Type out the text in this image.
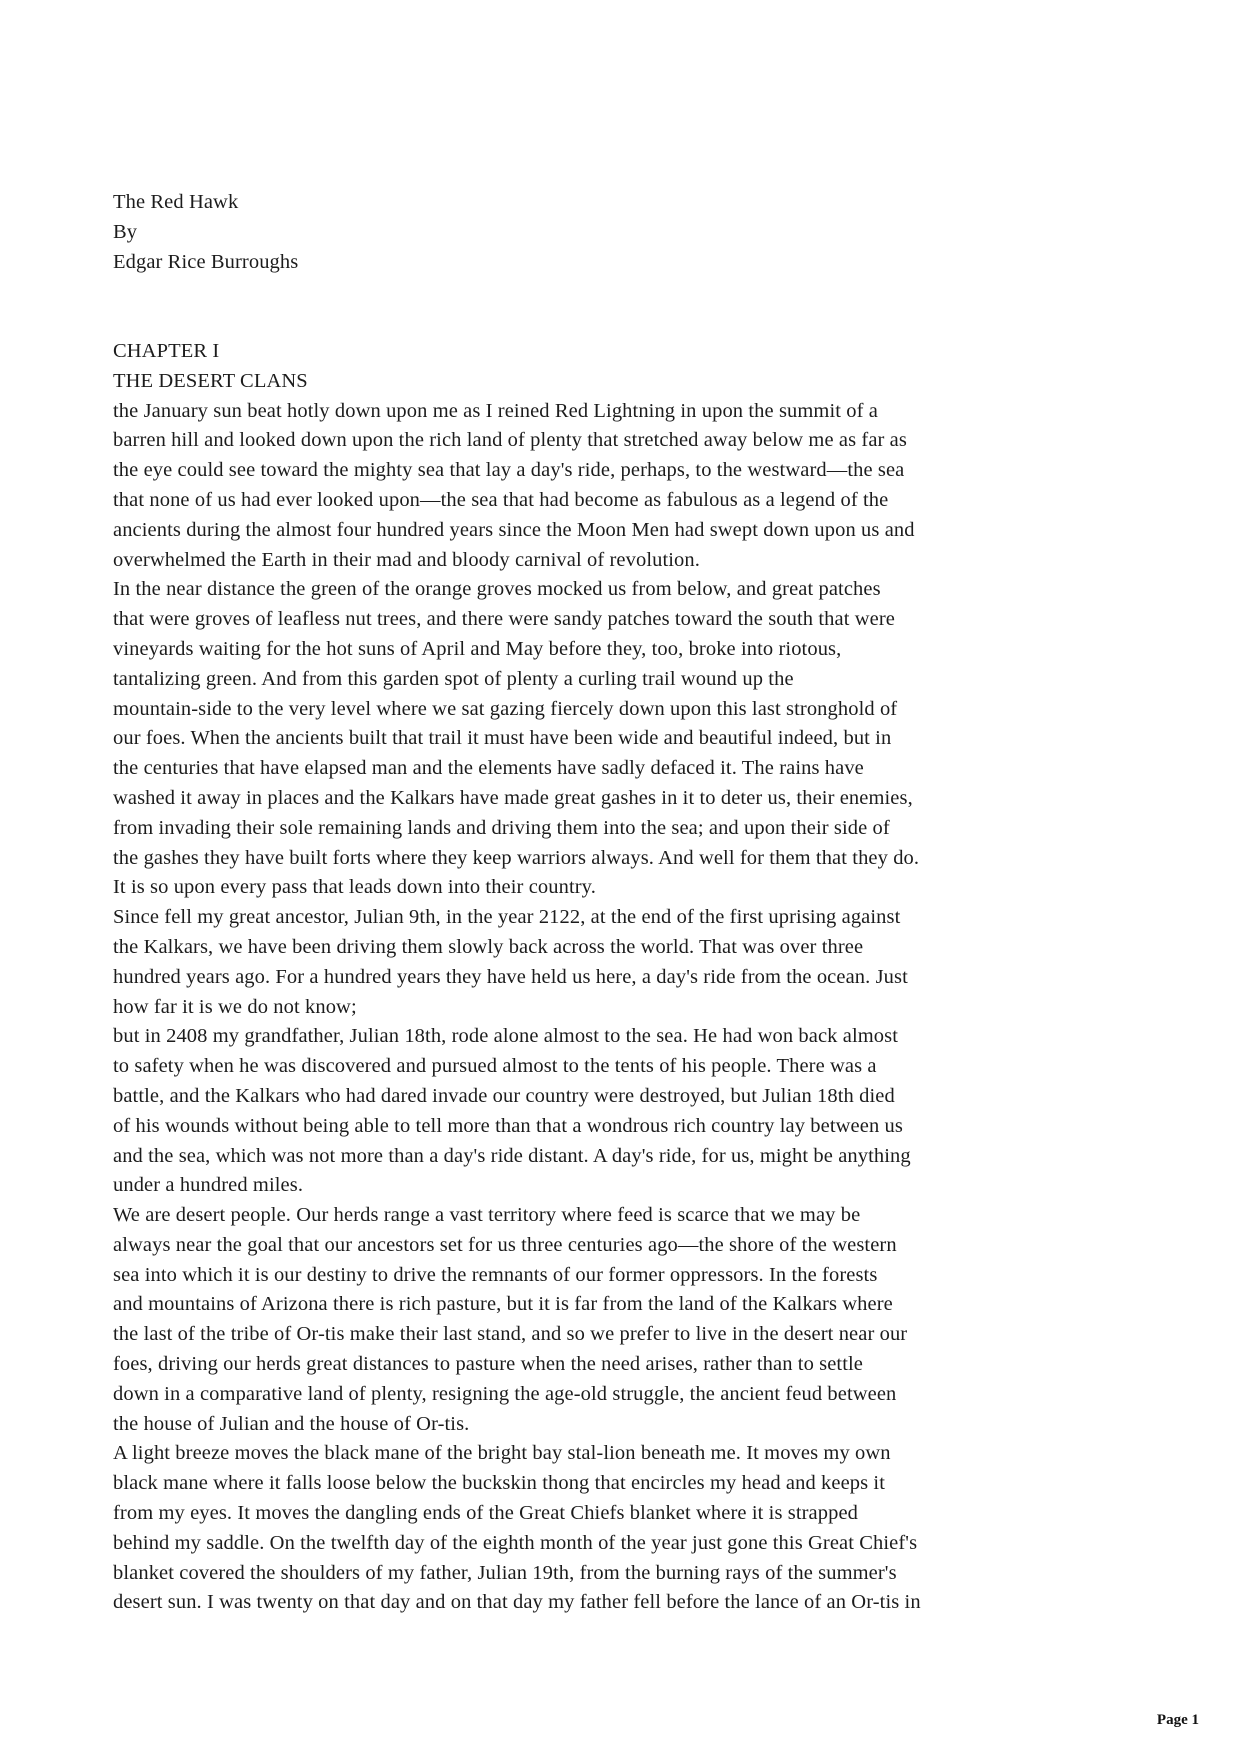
The Red Hawk
By
Edgar Rice Burroughs
CHAPTER I
THE DESERT CLANS
the January sun beat hotly down upon me as I reined Red Lightning in upon the summit of a
barren hill and looked down upon the rich land of plenty that stretched away below me as far as
the eye could see toward the mighty sea that lay a day's ride, perhaps, to the westward—the sea
that none of us had ever looked upon—the sea that had become as fabulous as a legend of the
ancients during the almost four hundred years since the Moon Men had swept down upon us and
overwhelmed the Earth in their mad and bloody carnival of revolution.
In the near distance the green of the orange groves mocked us from below, and great patches
that were groves of leafless nut trees, and there were sandy patches toward the south that were
vineyards waiting for the hot suns of April and May before they, too, broke into riotous,
tantalizing green. And from this garden spot of plenty a curling trail wound up the
mountain-side to the very level where we sat gazing fiercely down upon this last stronghold of
our foes. When the ancients built that trail it must have been wide and beautiful indeed, but in
the centuries that have elapsed man and the elements have sadly defaced it. The rains have
washed it away in places and the Kalkars have made great gashes in it to deter us, their enemies,
from invading their sole remaining lands and driving them into the sea; and upon their side of
the gashes they have built forts where they keep warriors always. And well for them that they do.
It is so upon every pass that leads down into their country.
Since fell my great ancestor, Julian 9th, in the year 2122, at the end of the first uprising against
the Kalkars, we have been driving them slowly back across the world. That was over three
hundred years ago. For a hundred years they have held us here, a day's ride from the ocean. Just
how far it is we do not know;
but in 2408 my grandfather, Julian 18th, rode alone almost to the sea. He had won back almost
to safety when he was discovered and pursued almost to the tents of his people. There was a
battle, and the Kalkars who had dared invade our country were destroyed, but Julian 18th died
of his wounds without being able to tell more than that a wondrous rich country lay between us
and the sea, which was not more than a day's ride distant. A day's ride, for us, might be anything
under a hundred miles.
We are desert people. Our herds range a vast territory where feed is scarce that we may be
always near the goal that our ancestors set for us three centuries ago—the shore of the western
sea into which it is our destiny to drive the remnants of our former oppressors. In the forests
and mountains of Arizona there is rich pasture, but it is far from the land of the Kalkars where
the last of the tribe of Or-tis make their last stand, and so we prefer to live in the desert near our
foes, driving our herds great distances to pasture when the need arises, rather than to settle
down in a comparative land of plenty, resigning the age-old struggle, the ancient feud between
the house of Julian and the house of Or-tis.
A light breeze moves the black mane of the bright bay stal-lion beneath me. It moves my own
black mane where it falls loose below the buckskin thong that encircles my head and keeps it
from my eyes. It moves the dangling ends of the Great Chiefs blanket where it is strapped
behind my saddle. On the twelfth day of the eighth month of the year just gone this Great Chief's
blanket covered the shoulders of my father, Julian 19th, from the burning rays of the summer's
desert sun. I was twenty on that day and on that day my father fell before the lance of an Or-tis in
Page 1
